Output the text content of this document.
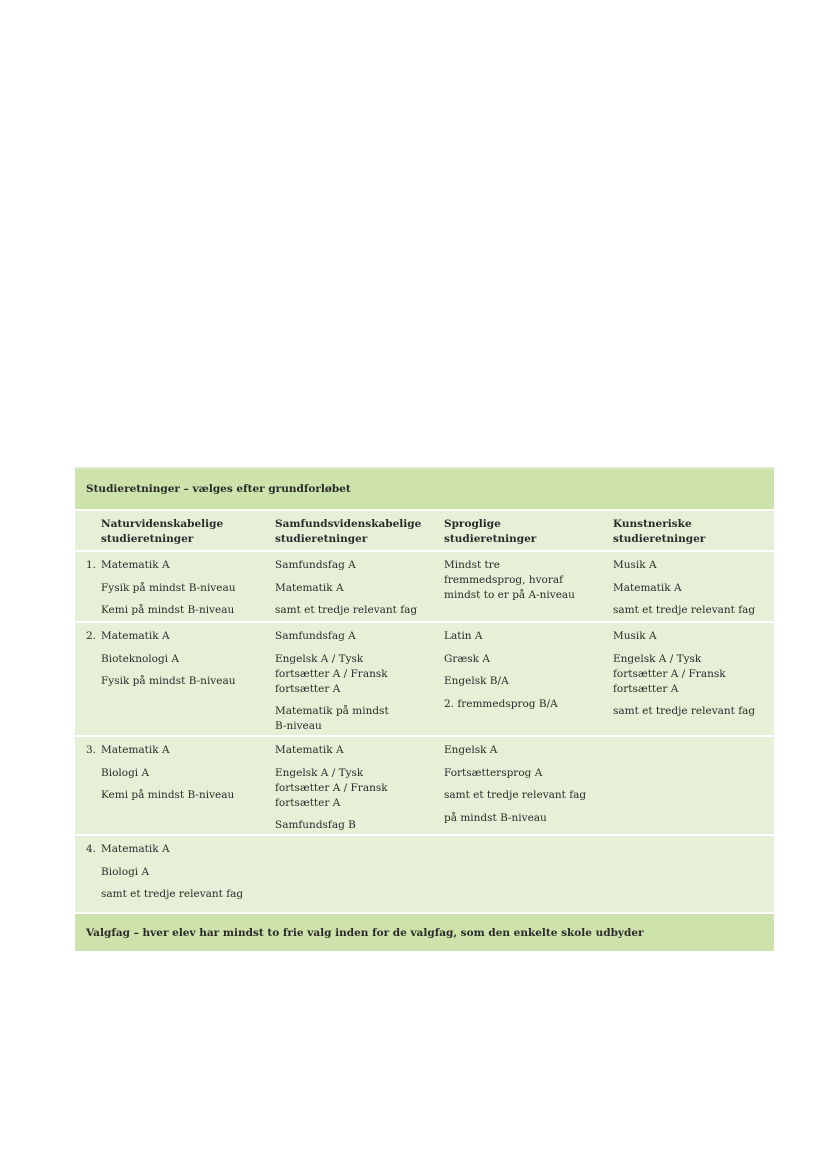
Studieretninger – vælges efter grundforløbet
Naturvidenskabelige
studieretninger
Samfundsvidenskabelige
studieretninger
Sproglige
studieretninger
Kunstneriske
studieretninger
1. Matematik A
Fysik på mindst B-niveau
Kemi på mindst B-niveau
Samfundsfag A
Matematik A
samt et tredje relevant fag
Mindst tre fremmedsprog, hvoraf mindst to er på A-niveau
Musik A
Matematik A
samt et tredje relevant fag
2. Matematik A
Bioteknologi A
Fysik på mindst B-niveau
Samfundsfag A
Engelsk A / Tysk fortsætter A / Fransk fortsætter A
Matematik på mindst B-niveau
Latin A
Græsk A
Engelsk B/A
2. fremmedsprog B/A
Musik A
Engelsk A / Tysk fortsætter A / Fransk fortsætter A
samt et tredje relevant fag
3. Matematik A
Biologi A
Kemi på mindst B-niveau
Matematik A
Engelsk A / Tysk fortsætter A / Fransk fortsætter A
Samfundsfag B
Engelsk A
Fortsættersprog A
samt et tredje relevant fag
på mindst B-niveau
4. Matematik A
Biologi A
samt et tredje relevant fag
Valgfag – hver elev har mindst to frie valg inden for de valgfag, som den enkelte skole udbyder
